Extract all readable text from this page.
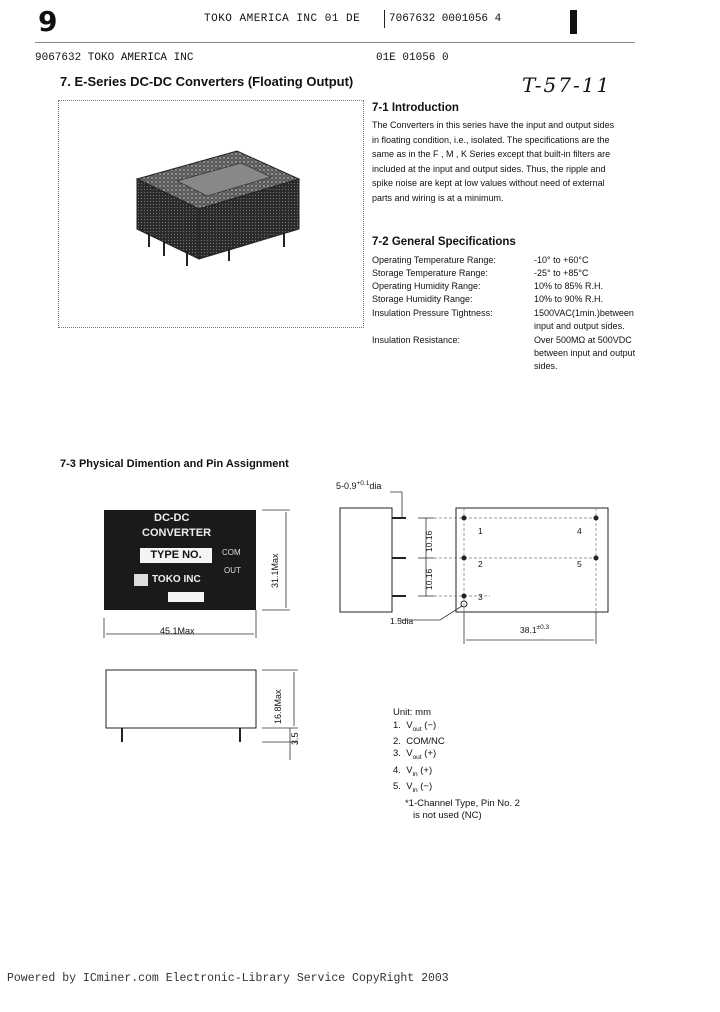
9	TOKO AMERICA INC 01 DE	7067632 0001056 4
9067632 TOKO AMERICA INC	01E 01056 0
T-57-11
7. E-Series DC-DC Converters (Floating Output)
7-1 Introduction
The Converters in this series have the input and output sides
in floating condition, i.e., isolated. The specifications are the
same as in the F , M , K Series except that built-in filters are
included at the input and output sides. Thus, the ripple and
spike noise are kept at low values without need of external
parts and wiring is at a minimum.
7-2 General Specifications
Operating Temperature Range:	-10° to +60°C
Storage Temperature Range:	-25° to +85°C
Operating Humidity Range:	10% to 85% R.H.
Storage Humidity Range:	10% to 90% R.H.
Insulation Pressure Tightness:	1500VAC(1min.)between
input and output sides.
Insulation Resistance:	Over 500MΩ at 500VDC
between input and output
sides.
7-3 Physical Dimention and Pin Assignment
DC-DC
CONVERTER
TYPE NO.	COM
OUT
TOKO INC
45.1Max
31.1Max
16.8Max
3.5
$5-0.9^{+0.1}dia$
10.16
10.16
1
2
3
4
5
1.5dia
$38.1^{\pm 0.3}$
Unit: mm
1. $V_{out}$ (−)
2. COM/NC
3. $V_{out}$ (+)
4. $V_{in}$ (+)
5. $V_{in}$ (−)
*1-Channel Type, Pin No. 2
is not used (NC)
Powered by ICminer.com Electronic-Library Service CopyRight 2003
